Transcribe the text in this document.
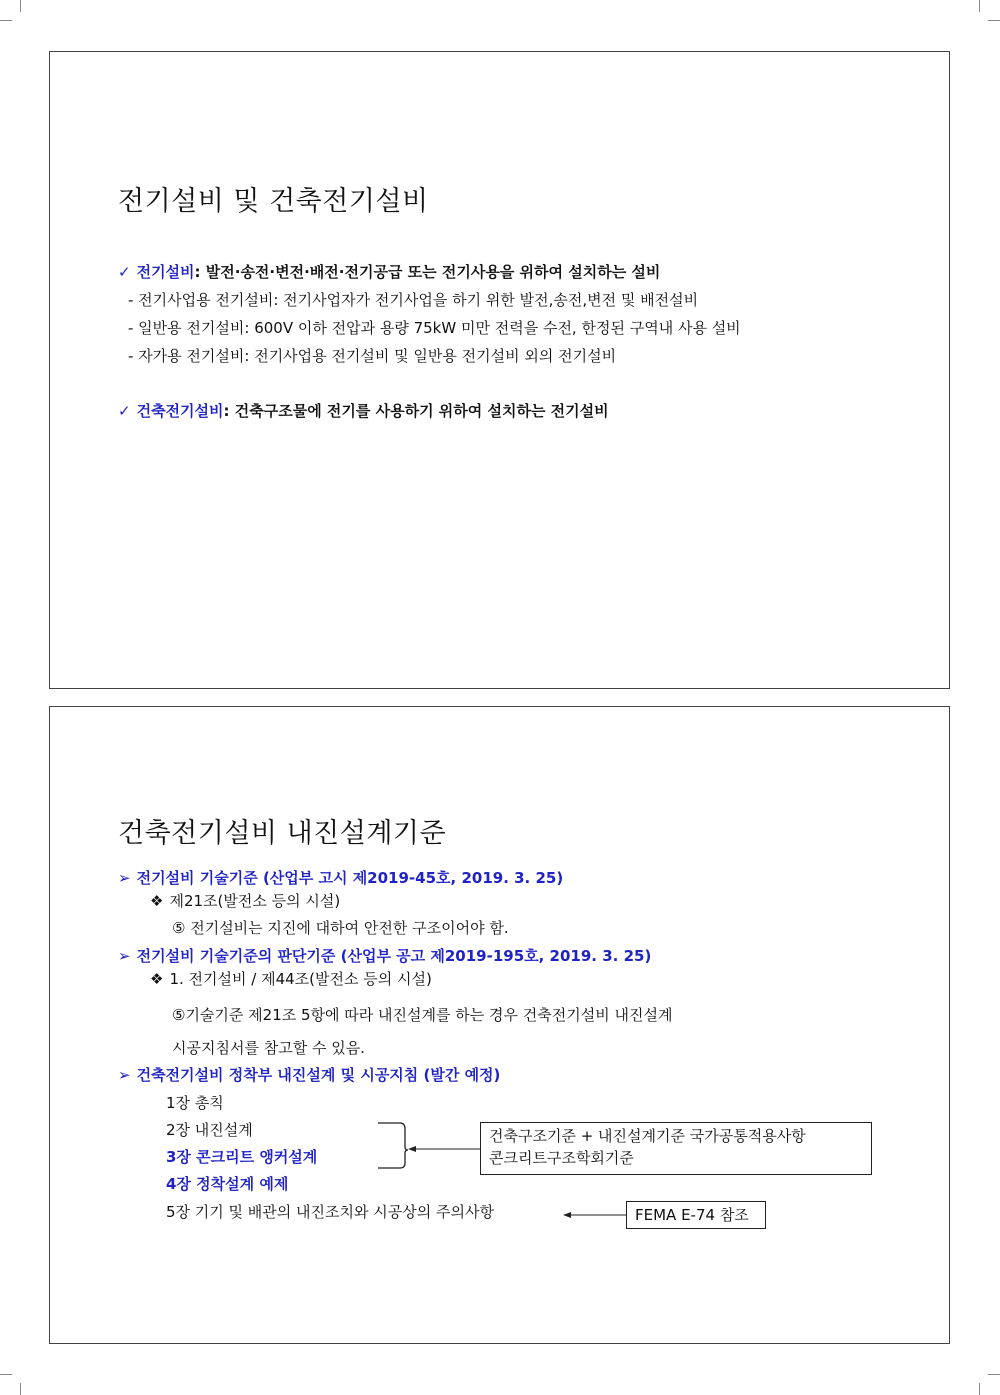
전기설비 및 건축전기설비
✓ 전기설비: 발전·송전·변전·배전·전기공급 또는 전기사용을 위하여 설치하는 설비
- 전기사업용 전기설비: 전기사업자가 전기사업을 하기 위한 발전,송전,변전 및 배전설비
- 일반용 전기설비: 600V 이하 전압과 용량 75kW 미만 전력을 수전, 한정된 구역내 사용 설비
- 자가용 전기설비: 전기사업용 전기설비 및 일반용 전기설비 외의 전기설비
✓ 건축전기설비: 건축구조물에 전기를 사용하기 위하여 설치하는 전기설비
건축전기설비 내진설계기준
➢ 전기설비 기술기준 (산업부 고시 제2019-45호, 2019. 3. 25)
❖ 제21조(발전소 등의 시설)
⑤ 전기설비는 지진에 대하여 안전한 구조이어야 함.
➢ 전기설비 기술기준의 판단기준 (산업부 공고 제2019-195호, 2019. 3. 25)
❖ 1. 전기설비 / 제44조(발전소 등의 시설)
⑤기술기준 제21조 5항에 따라 내진설계를 하는 경우 건축전기설비 내진설계
시공지침서를 참고할 수 있음.
➢ 건축전기설비 정착부 내진설계 및 시공지침 (발간 예정)
1장 총칙
2장 내진설계
3장 콘크리트 앵커설계
4장 정착설계 예제
5장 기기 및 배관의 내진조치와 시공상의 주의사항
건축구조기준 + 내진설계기준 국가공통적용사항
콘크리트구조학회기준
FEMA E-74 참조
